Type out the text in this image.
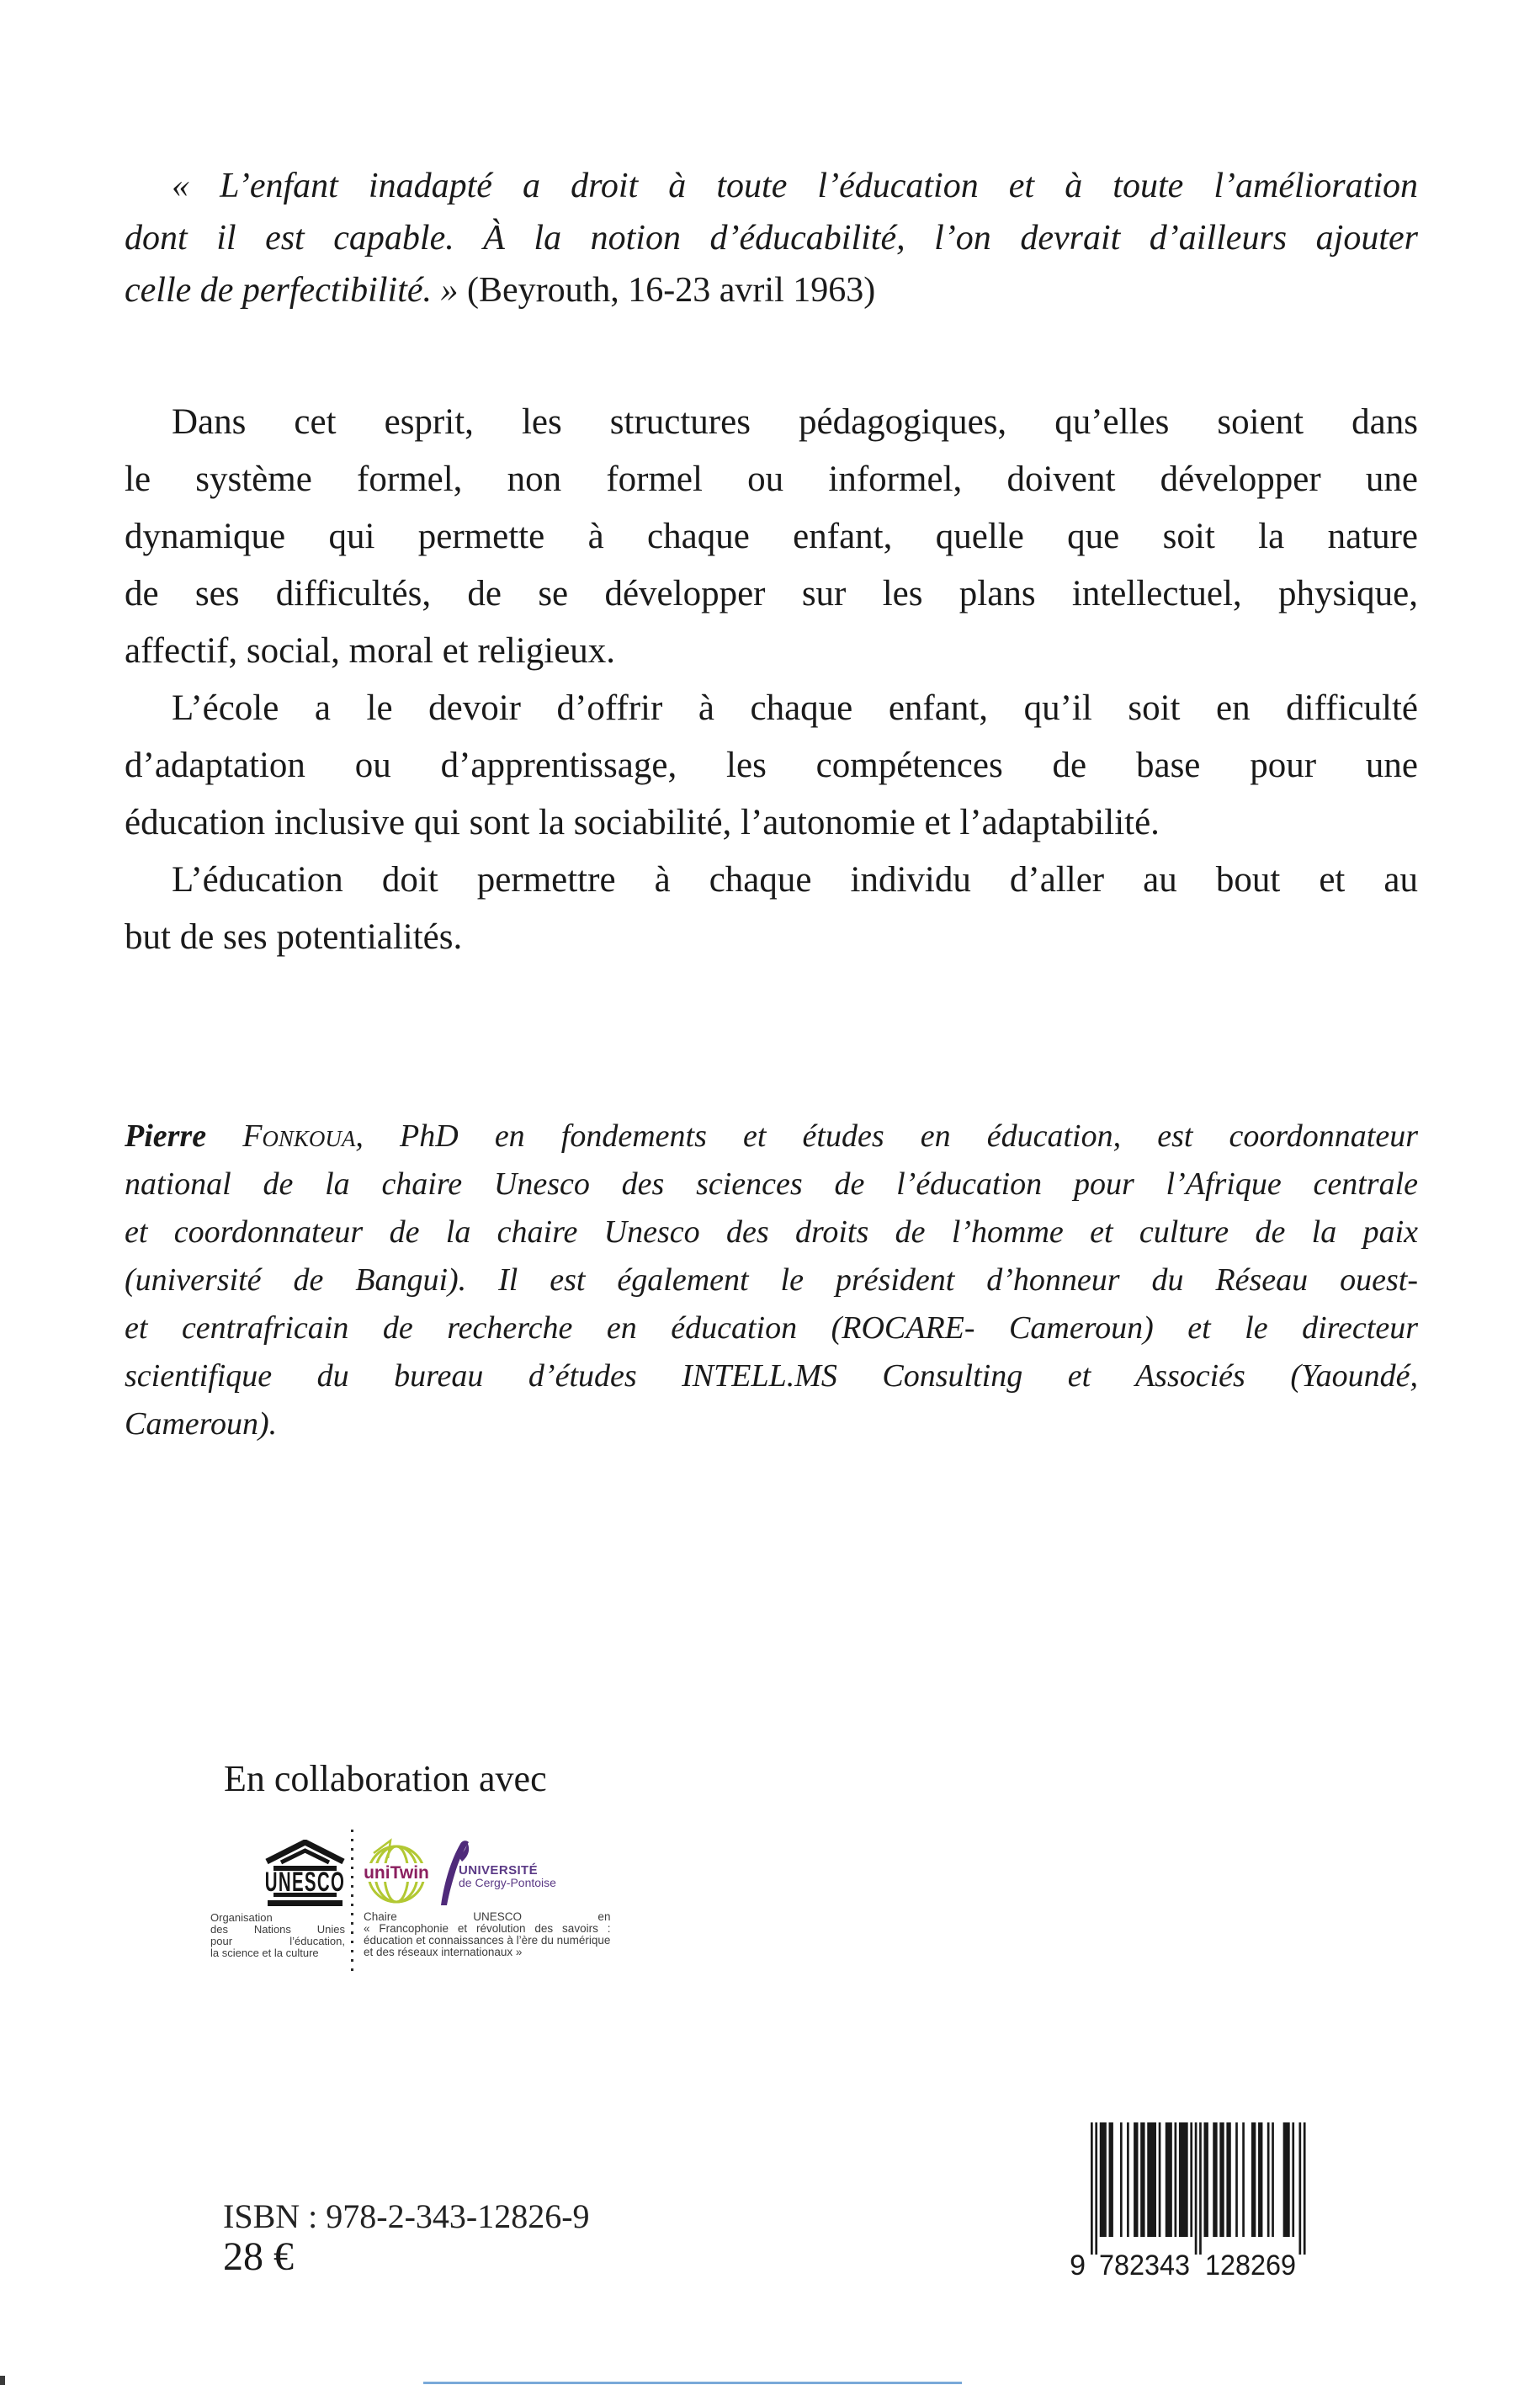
« L’enfant inadapté a droit à toute l’éducation et à toute l’amélioration
dont il est capable. À la notion d’éducabilité, l’on devrait d’ailleurs ajouter
celle de perfectibilité. » (Beyrouth, 16-23 avril 1963)
Dans cet esprit, les structures pédagogiques, qu’elles soient dans
le système formel, non formel ou informel, doivent développer une
dynamique qui permette à chaque enfant, quelle que soit la nature
de ses difficultés, de se développer sur les plans intellectuel, physique,
affectif, social, moral et religieux.
L’école a le devoir d’offrir à chaque enfant, qu’il soit en difficulté
d’adaptation ou d’apprentissage, les compétences de base pour une
éducation inclusive qui sont la sociabilité, l’autonomie et l’adaptabilité.
L’éducation doit permettre à chaque individu d’aller au bout et au
but de ses potentialités.
Pierre Fonkoua, PhD en fondements et études en éducation, est coordonnateur
national de la chaire Unesco des sciences de l’éducation pour l’Afrique centrale
et coordonnateur de la chaire Unesco des droits de l’homme et culture de la paix
(université de Bangui). Il est également le président d’honneur du Réseau ouest-
et centrafricain de recherche en éducation (ROCARE- Cameroun) et le directeur
scientifique du bureau d’études INTELL.MS Consulting et Associés (Yaoundé,
Cameroun).
En collaboration avec
UNESCO
Organisation
des Nations Unies
pour l’éducation,
la science et la culture
uniTwin UNIVERSITÉ
de Cergy-Pontoise
Chaire UNESCO en
« Francophonie et révolution des savoirs :
éducation et connaissances à l’ère du numérique
et des réseaux internationaux »
ISBN : 978-2-343-12826-9
28 €	9 782343 128269
